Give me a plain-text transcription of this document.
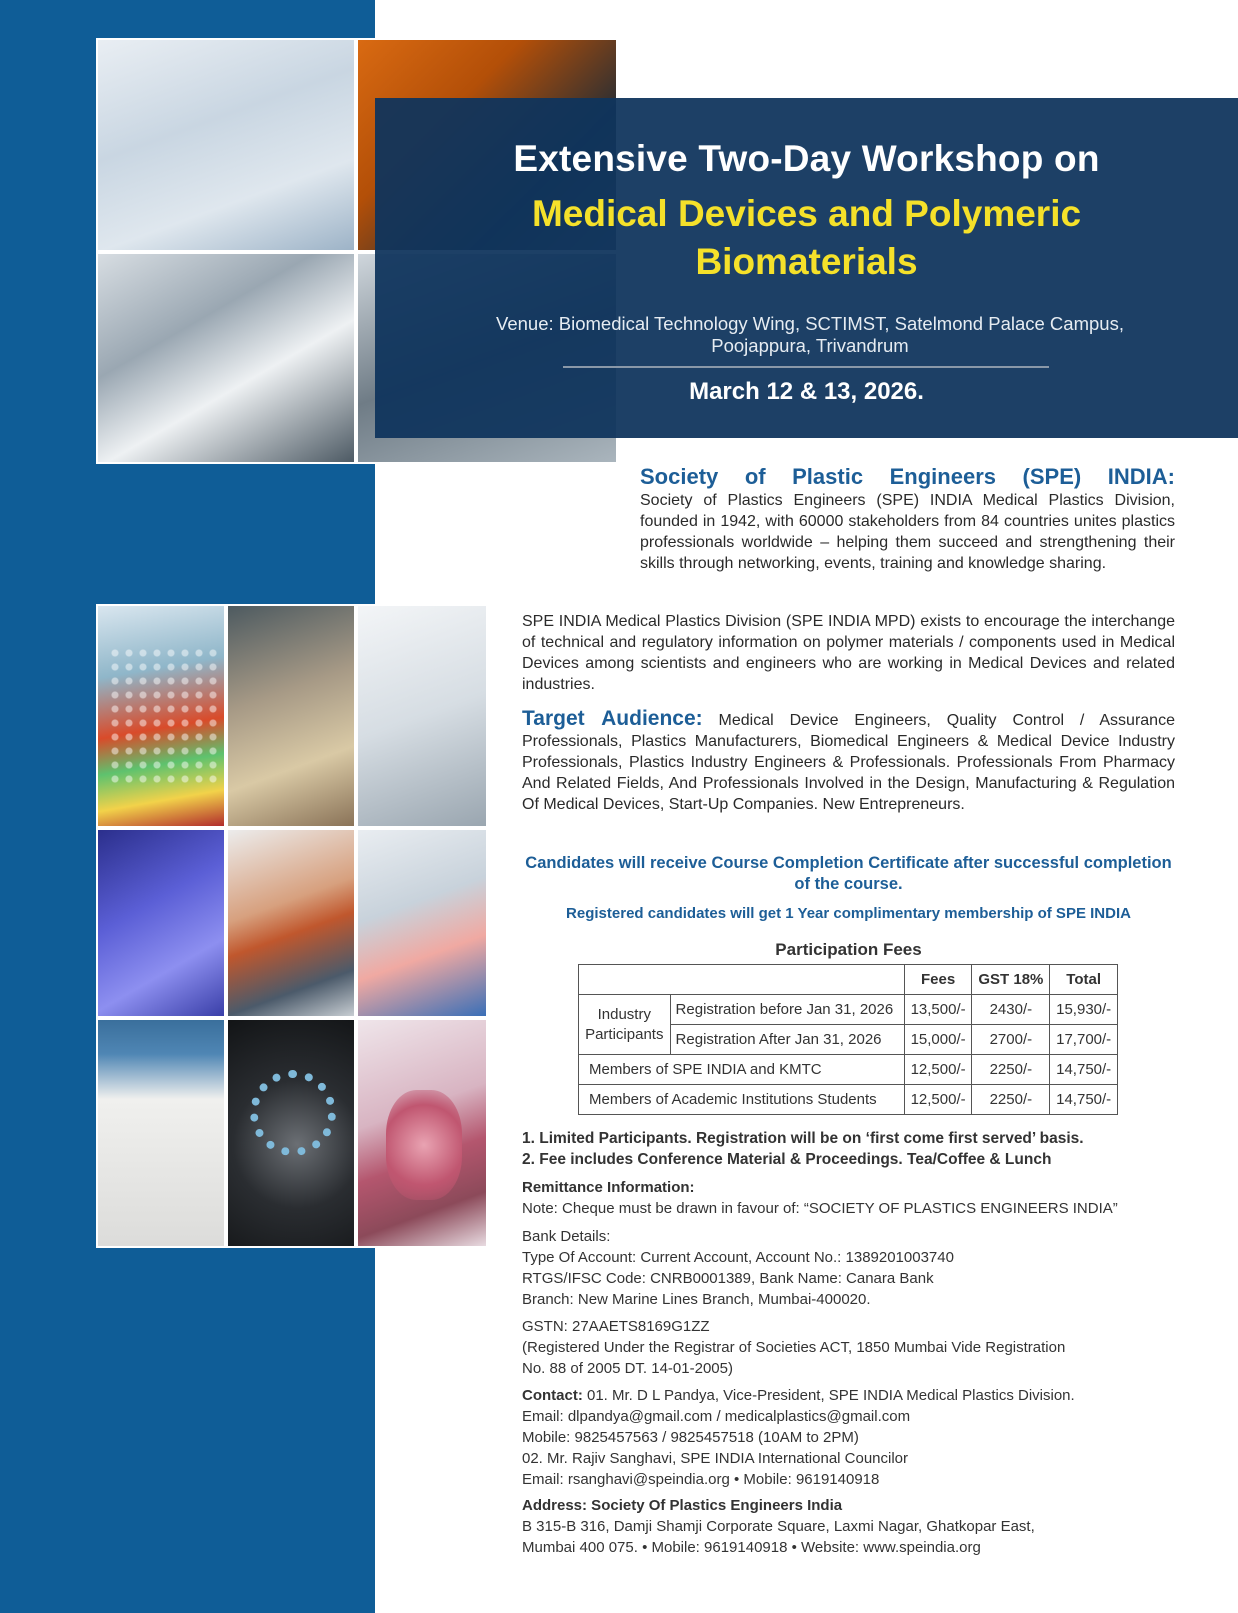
Extensive Two-Day Workshop on
Medical Devices and Polymeric
Biomaterials
Venue: Biomedical Technology Wing, SCTIMST, Satelmond Palace Campus,
Poojappura, Trivandrum
March 12 & 13, 2026.
Society of Plastic Engineers (SPE) INDIA:
Society of Plastics Engineers (SPE) INDIA Medical Plastics Division, founded in 1942, with 60000 stakeholders from 84 countries unites plastics professionals worldwide – helping them succeed and strengthening their skills through networking, events, training and knowledge sharing.
SPE INDIA Medical Plastics Division (SPE INDIA MPD) exists to encourage the interchange of technical and regulatory information on polymer materials / components used in Medical Devices among scientists and engineers who are working in Medical Devices and related industries.
Target Audience: Medical Device Engineers, Quality Control / Assurance Professionals, Plastics Manufacturers, Biomedical Engineers & Medical Device Industry Professionals, Plastics Industry Engineers & Professionals. Professionals From Pharmacy And Related Fields, And Professionals Involved in the Design, Manufacturing & Regulation Of Medical Devices, Start-Up Companies. New Entrepreneurs.
Candidates will receive Course Completion Certificate after successful completion of the course.
Registered candidates will get 1 Year complimentary membership of SPE INDIA
Participation Fees
		Fees	GST 18%	Total

Industry
Participants	Registration before Jan 31, 2026	13,500/-	2430/-	15,930/-
	Registration After Jan 31, 2026	15,000/-	2700/-	17,700/-
Members of SPE INDIA and KMTC		12,500/-	2250/-	14,750/-
Members of Academic Institutions Students		12,500/-	2250/-	14,750/-
1. Limited Participants. Registration will be on ‘first come first served’ basis.
2. Fee includes Conference Material & Proceedings. Tea/Coffee & Lunch
Remittance Information:
Note: Cheque must be drawn in favour of: “SOCIETY OF PLASTICS ENGINEERS INDIA”
Bank Details:
Type Of Account: Current Account, Account No.: 1389201003740
RTGS/IFSC Code: CNRB0001389, Bank Name: Canara Bank
Branch: New Marine Lines Branch, Mumbai-400020.
GSTN: 27AAETS8169G1ZZ
(Registered Under the Registrar of Societies ACT, 1850 Mumbai Vide Registration
No. 88 of 2005 DT. 14-01-2005)
Contact: 01. Mr. D L Pandya, Vice-President, SPE INDIA Medical Plastics Division.
Email: dlpandya@gmail.com / medicalplastics@gmail.com
Mobile: 9825457563 / 9825457518 (10AM to 2PM)
02. Mr. Rajiv Sanghavi, SPE INDIA International Councilor
Email: rsanghavi@speindia.org • Mobile: 9619140918
Address: Society Of Plastics Engineers India
B 315-B 316, Damji Shamji Corporate Square, Laxmi Nagar, Ghatkopar East,
Mumbai 400 075. • Mobile: 9619140918 • Website: www.speindia.org
